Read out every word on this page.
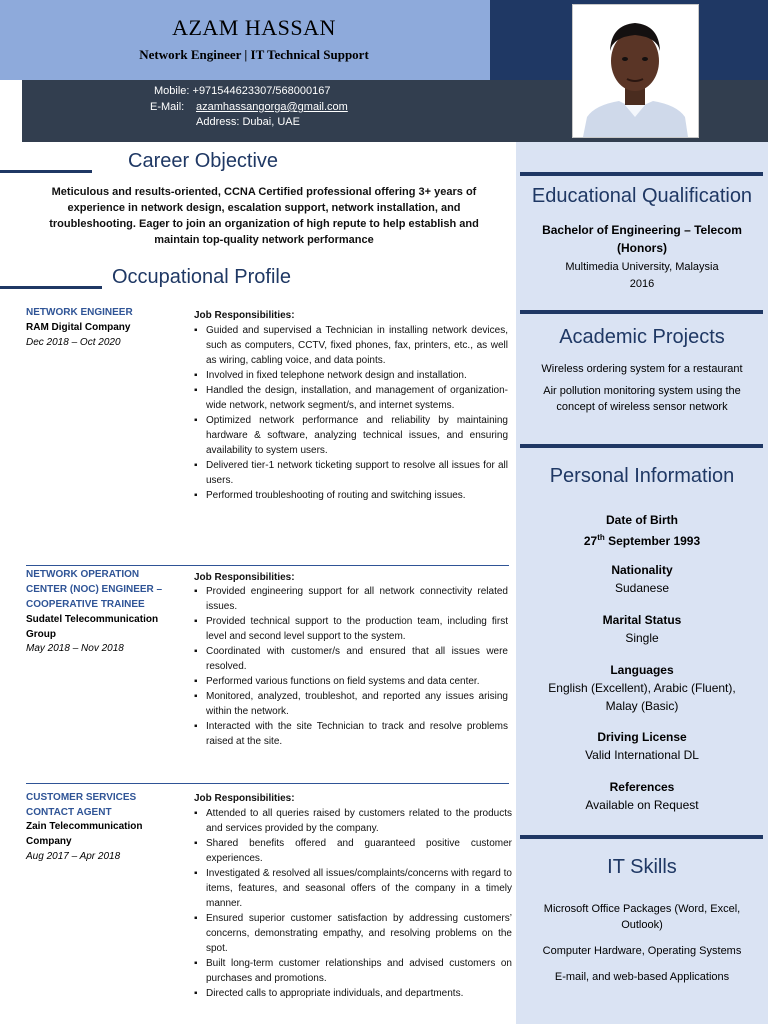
AZAM HASSAN
Network Engineer | IT Technical Support
Mobile: +971544623307/568000167
E-Mail: azamhassangorga@gmail.com
Address: Dubai, UAE
Educational Qualification
Bachelor of Engineering – Telecom (Honors)
Multimedia University, Malaysia
2016
Academic Projects
Wireless ordering system for a restaurant
Air pollution monitoring system using the concept of wireless sensor network
Personal Information
Date of Birth
27th September 1993
Nationality
Sudanese
Marital Status
Single
Languages
English (Excellent), Arabic (Fluent), Malay (Basic)
Driving License
Valid International DL
References
Available on Request
IT Skills
Microsoft Office Packages (Word, Excel, Outlook)
Computer Hardware, Operating Systems
E-mail, and web-based Applications
Career Objective
Meticulous and results-oriented, CCNA Certified professional offering 3+ years of experience in network design, escalation support, network installation, and troubleshooting. Eager to join an organization of high repute to help establish and maintain top-quality network performance
Occupational Profile
NETWORK ENGINEER
RAM Digital Company
Dec 2018 – Oct 2020
Job Responsibilities:
▪ Guided and supervised a Technician in installing network devices, such as computers, CCTV, fixed phones, fax, printers, etc., as well as wiring, cabling voice, and data points.
▪ Involved in fixed telephone network design and installation.
▪ Handled the design, installation, and management of organization-wide network, network segment/s, and internet systems.
▪ Optimized network performance and reliability by maintaining hardware & software, analyzing technical issues, and ensuring availability to system users.
▪ Delivered tier-1 network ticketing support to resolve all issues for all users.
▪ Performed troubleshooting of routing and switching issues.
NETWORK OPERATION CENTER (NOC) ENGINEER – COOPERATIVE TRAINEE
Sudatel Telecommunication Group
May 2018 – Nov 2018
Job Responsibilities:
▪ Provided engineering support for all network connectivity related issues.
▪ Provided technical support to the production team, including first level and second level support to the system.
▪ Coordinated with customer/s and ensured that all issues were resolved.
▪ Performed various functions on field systems and data center.
▪ Monitored, analyzed, troubleshot, and reported any issues arising within the network.
▪ Interacted with the site Technician to track and resolve problems raised at the site.
CUSTOMER SERVICES CONTACT AGENT
Zain Telecommunication Company
Aug 2017 – Apr 2018
Job Responsibilities:
▪ Attended to all queries raised by customers related to the products and services provided by the company.
▪ Shared benefits offered and guaranteed positive customer experiences.
▪ Investigated & resolved all issues/complaints/concerns with regard to items, features, and seasonal offers of the company in a timely manner.
▪ Ensured superior customer satisfaction by addressing customers’ concerns, demonstrating empathy, and resolving problems on the spot.
▪ Built long-term customer relationships and advised customers on purchases and promotions.
▪ Directed calls to appropriate individuals, and departments.
